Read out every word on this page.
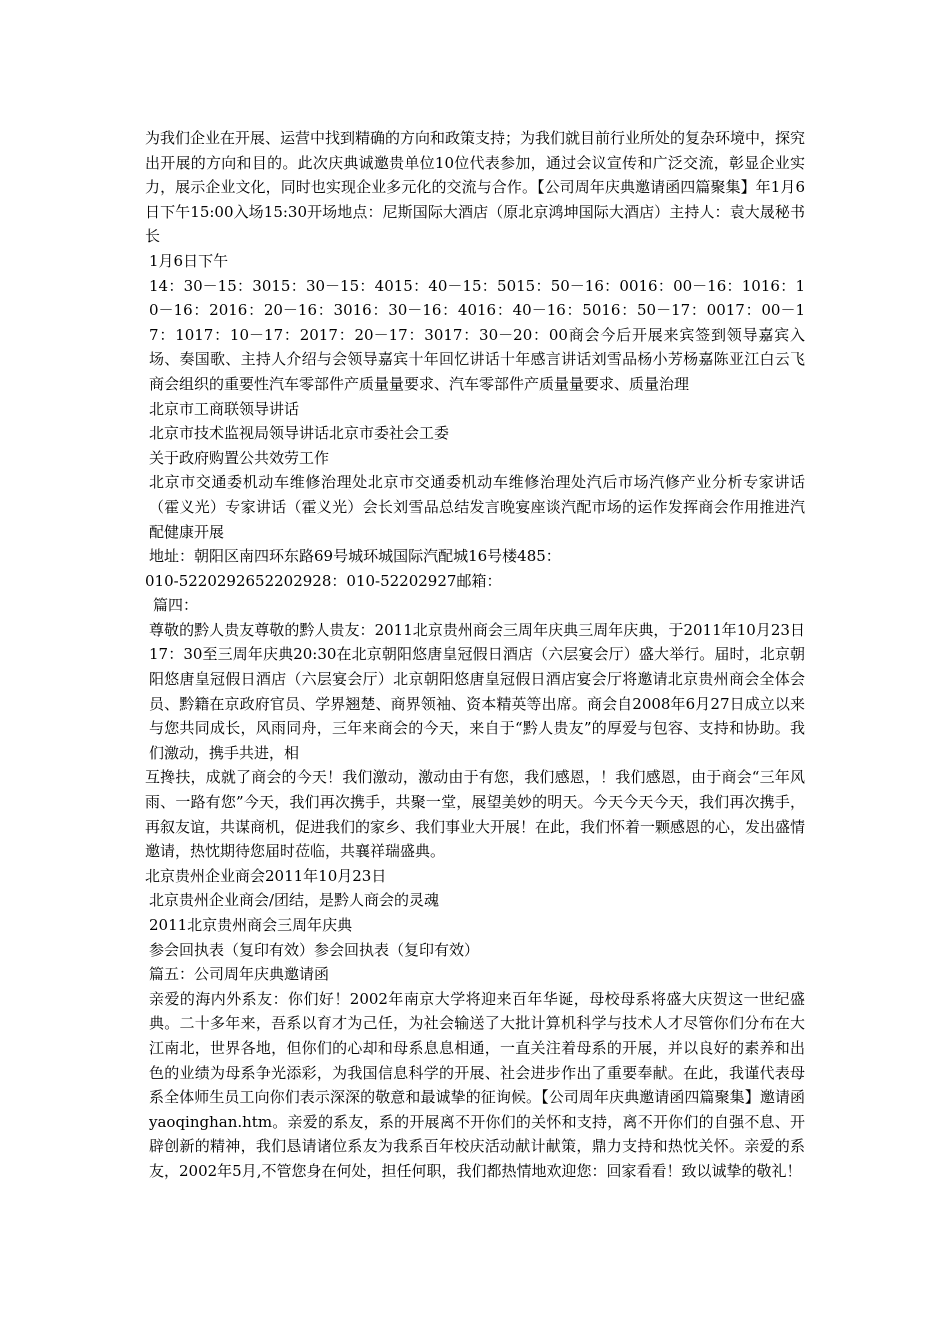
为我们企业在开展、运营中找到精确的方向和政策支持；为我们就目前行业所处的复杂环境中，探究出开展的方向和目的。此次庆典诚邀贵单位10位代表参加，通过会议宣传和广泛交流，彰显企业实力，展示企业文化，同时也实现企业多元化的交流与合作。【公司周年庆典邀请函四篇聚集】年1月6日下午15:00入场15:30开场地点：尼斯国际大酒店（原北京鸿坤国际大酒店）主持人：袁大晟秘书长

1月6日下午

14：30－15：3015：30－15：4015：40－15：5015：50－16：0016：00－16：1016：10－16：2016：20－16：3016：30－16：4016：40－16：5016：50－17：0017：00－17：1017：10－17：2017：20－17：3017：30－20：00商会今后开展来宾签到领导嘉宾入场、奏国歌、主持人介绍与会领导嘉宾十年回忆讲话十年感言讲话刘雪品杨小芳杨嘉陈亚江白云飞商会组织的重要性汽车零部件产质量量要求、汽车零部件产质量量要求、质量治理

北京市工商联领导讲话

北京市技术监视局领导讲话北京市委社会工委

关于政府购置公共效劳工作

北京市交通委机动车维修治理处北京市交通委机动车维修治理处汽后市场汽修产业分析专家讲话（霍义光）专家讲话（霍义光）会长刘雪品总结发言晚宴座谈汽配市场的运作发挥商会作用推进汽配健康开展

地址：朝阳区南四环东路69号城环城国际汽配城16号楼485：

010-5220292652202928：010-52202927邮箱：

篇四：

尊敬的黔人贵友尊敬的黔人贵友：2011北京贵州商会三周年庆典三周年庆典，于2011年10月23日17：30至三周年庆典20:30在北京朝阳悠唐皇冠假日酒店（六层宴会厅）盛大举行。届时，北京朝阳悠唐皇冠假日酒店（六层宴会厅）北京朝阳悠唐皇冠假日酒店宴会厅将邀请北京贵州商会全体会员、黔籍在京政府官员、学界翘楚、商界领袖、资本精英等出席。商会自2008年6月27日成立以来与您共同成长，风雨同舟，三年来商会的今天，来自于“黔人贵友”的厚爱与包容、支持和协助。我们激动，携手共进，相

互搀扶，成就了商会的今天！我们激动，激动由于有您，我们感恩，！我们感恩，由于商会“三年风雨、一路有您”今天，我们再次携手，共聚一堂，展望美妙的明天。今天今天今天，我们再次携手，再叙友谊，共谋商机，促进我们的家乡、我们事业大开展！在此，我们怀着一颗感恩的心，发出盛情邀请，热忱期待您届时莅临，共襄祥瑞盛典。

北京贵州企业商会2011年10月23日

北京贵州企业商会/团结，是黔人商会的灵魂

2011北京贵州商会三周年庆典

参会回执表（复印有效）参会回执表（复印有效）

篇五：公司周年庆典邀请函

亲爱的海内外系友：你们好！2002年南京大学将迎来百年华诞，母校母系将盛大庆贺这一世纪盛典。二十多年来，吾系以育才为己任，为社会输送了大批计算机科学与技术人才尽管你们分布在大江南北，世界各地，但你们的心却和母系息息相通，一直关注着母系的开展，并以良好的素养和出色的业绩为母系争光添彩，为我国信息科学的开展、社会进步作出了重要奉献。在此，我谨代表母系全体师生员工向你们表示深深的敬意和最诚挚的征询候。【公司周年庆典邀请函四篇聚集】邀请函yaoqinghan.htm。亲爱的系友，系的开展离不开你们的关怀和支持，离不开你们的自强不息、开辟创新的精神，我们恳请诸位系友为我系百年校庆活动献计献策，鼎力支持和热忱关怀。亲爱的系友，2002年5月,不管您身在何处，担任何职，我们都热情地欢迎您：回家看看！致以诚挚的敬礼！
